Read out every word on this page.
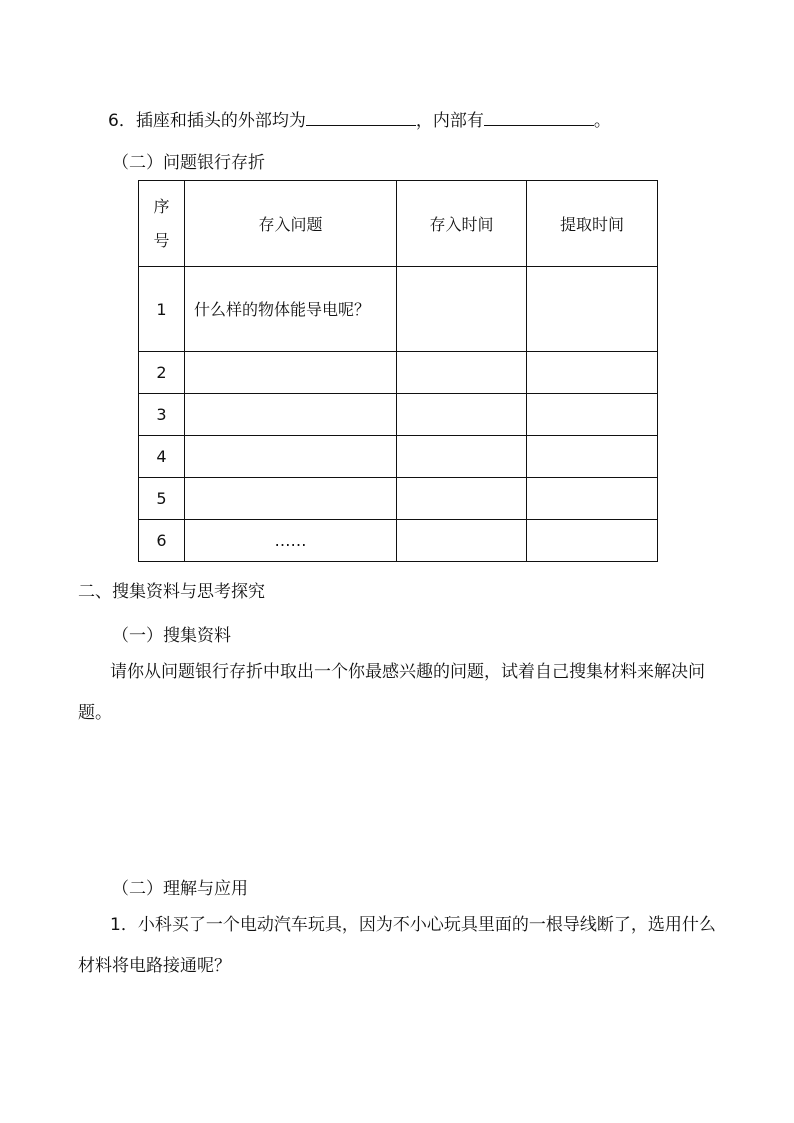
6．插座和插头的外部均为	，内部有	。
（二）问题银行存折
序
号	存入问题	存入时间	提取时间
1	什么样的物体能导电呢？		
2			
3			
4			
5			
6	……		
二、搜集资料与思考探究
（一）搜集资料
请你从问题银行存折中取出一个你最感兴趣的问题，试着自己搜集材料来解决问题。
（二）理解与应用
1．小科买了一个电动汽车玩具，因为不小心玩具里面的一根导线断了，选用什么材料将电路接通呢？
